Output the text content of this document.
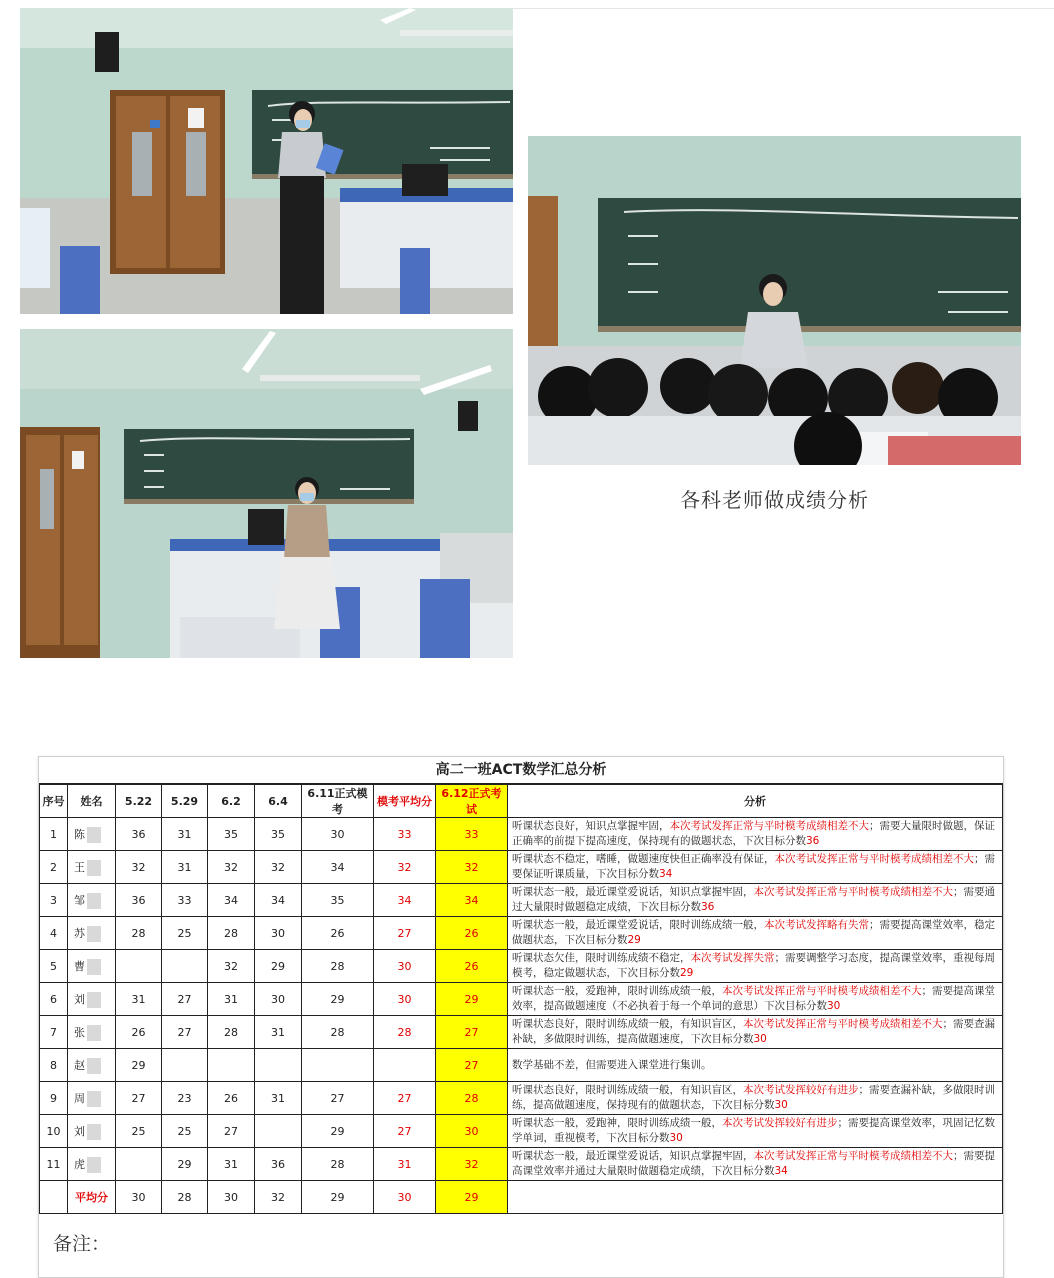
各科老师做成绩分析
高二一班ACT数学汇总分析
序号	姓名	5.22	5.29	6.2	6.4	6.11正式模考	模考平均分	6.12正式考试	分析
1	陈	36	31	35	35	30	33	33	听课状态良好，知识点掌握牢固，本次考试发挥正常与平时模考成绩相差不大；需要大量限时做题，保证正确率的前提下提高速度，保持现有的做题状态，下次目标分数36
2	王	32	31	32	32	34	32	32	听课状态不稳定，嗜睡，做题速度快但正确率没有保证，本次考试发挥正常与平时模考成绩相差不大；需要保证听课质量，下次目标分数34
3	邹	36	33	34	34	35	34	34	听课状态一般，最近课堂爱说话，知识点掌握牢固，本次考试发挥正常与平时模考成绩相差不大；需要通过大量限时做题稳定成绩，下次目标分数36
4	苏	28	25	28	30	26	27	26	听课状态一般，最近课堂爱说话，限时训练成绩一般，本次考试发挥略有失常；需要提高课堂效率，稳定做题状态，下次目标分数29
5	曹			32	29	28	30	26	听课状态欠佳，限时训练成绩不稳定，本次考试发挥失常；需要调整学习态度，提高课堂效率，重视每周模考，稳定做题状态，下次目标分数29
6	刘	31	27	31	30	29	30	29	听课状态一般，爱跑神，限时训练成绩一般，本次考试发挥正常与平时模考成绩相差不大；需要提高课堂效率，提高做题速度（不必执着于每一个单词的意思）下次目标分数30
7	张	26	27	28	31	28	28	27	听课状态良好，限时训练成绩一般，有知识盲区，本次考试发挥正常与平时模考成绩相差不大；需要查漏补缺，多做限时训练，提高做题速度，下次目标分数30
8	赵	29						27	数学基础不差，但需要进入课堂进行集训。
9	周	27	23	26	31	27	27	28	听课状态良好，限时训练成绩一般，有知识盲区，本次考试发挥较好有进步；需要查漏补缺，多做限时训练，提高做题速度，保持现有的做题状态，下次目标分数30
10	刘	25	25	27		29	27	30	听课状态一般，爱跑神，限时训练成绩一般，本次考试发挥较好有进步；需要提高课堂效率，巩固记忆数学单词，重视模考，下次目标分数30
11	虎		29	31	36	28	31	32	听课状态一般，最近课堂爱说话，知识点掌握牢固，本次考试发挥正常与平时模考成绩相差不大；需要提高课堂效率并通过大量限时做题稳定成绩，下次目标分数34
	平均分	30	28	30	32	29	30	29	
备注：
